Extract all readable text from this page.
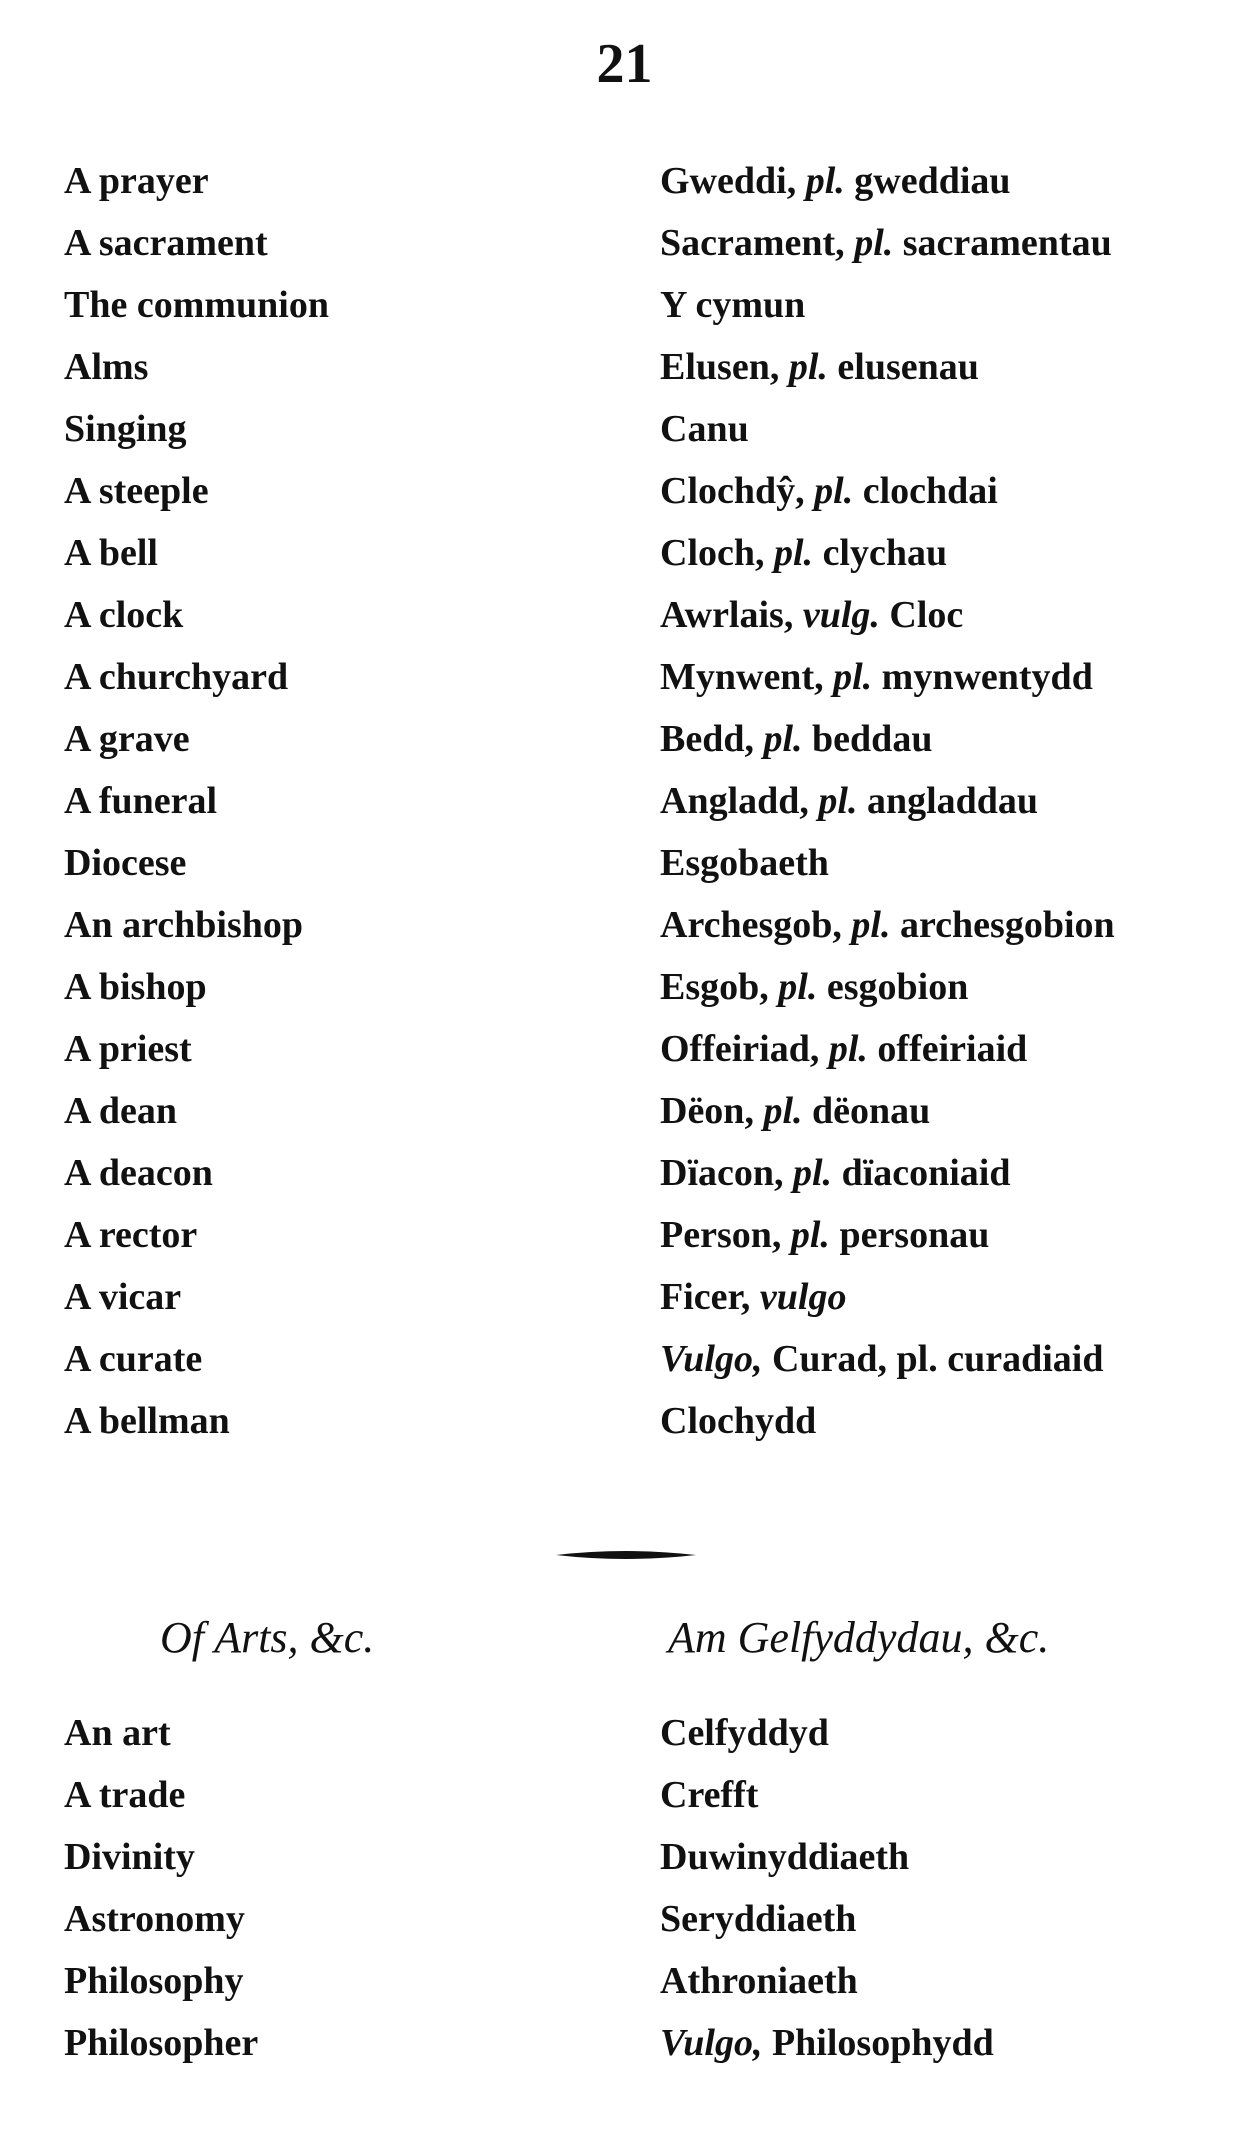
21
A prayer	Gweddi, pl. gweddiau
A sacrament	Sacrament, pl. sacramentau
The communion	Y cymun
Alms	Elusen, pl. elusenau
Singing	Canu
A steeple	Clochdŷ, pl. clochdai
A bell	Cloch, pl. clychau
A clock	Awrlais, vulg. Cloc
A churchyard	Mynwent, pl. mynwentydd
A grave	Bedd, pl. beddau
A funeral	Angladd, pl. angladdau
Diocese	Esgobaeth
An archbishop	Archesgob, pl. archesgobion
A bishop	Esgob, pl. esgobion
A priest	Offeiriad, pl. offeiriaid
A dean	Dëon, pl. dëonau
A deacon	Dïacon, pl. dïaconiaid
A rector	Person, pl. personau
A vicar	Ficer, vulgo
A curate	Vulgo, Curad, pl. curadiaid
A bellman	Clochydd
Of Arts, &c.	Am Gelfyddydau, &c.
An art	Celfyddyd
A trade	Crefft
Divinity	Duwinyddiaeth
Astronomy	Seryddiaeth
Philosophy	Athroniaeth
Philosopher	Vulgo, Philosophydd
